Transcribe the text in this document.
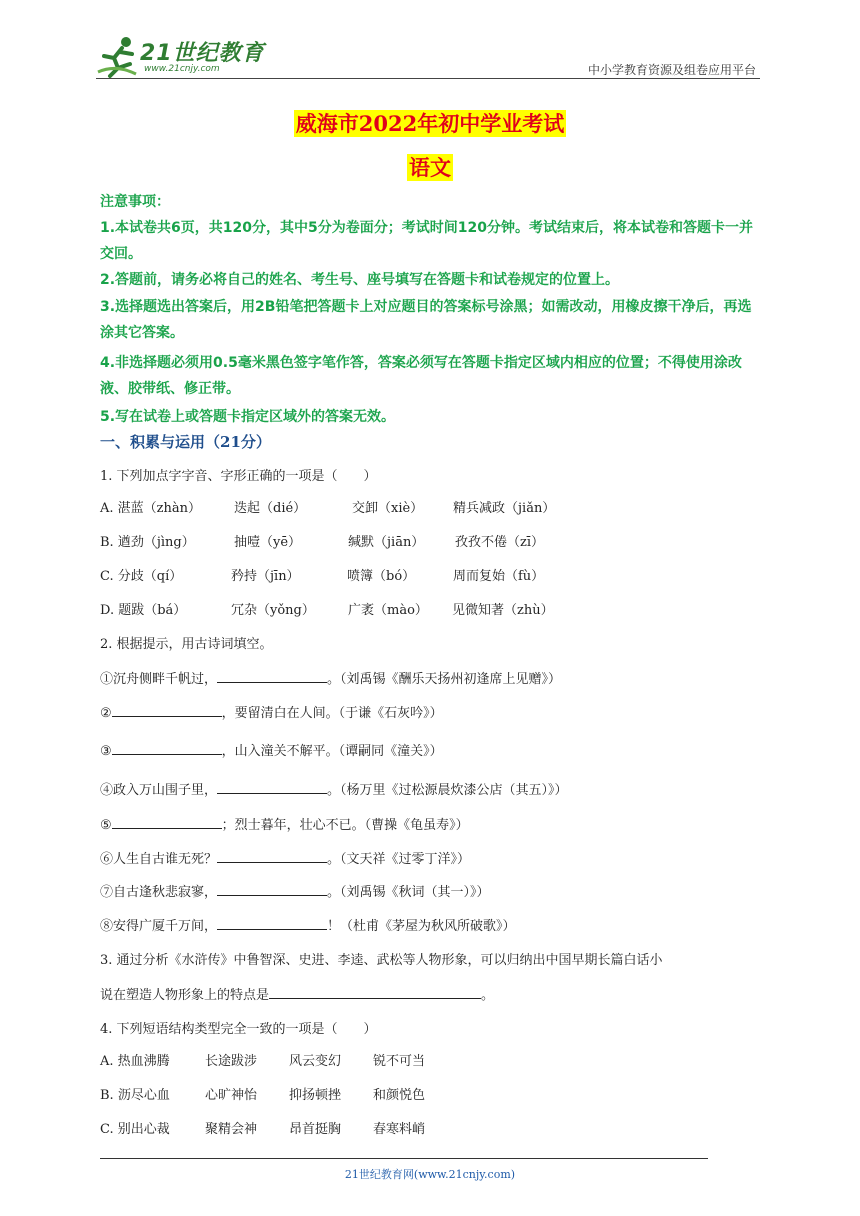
21世纪教育
www.21cnjy.com	中小学教育资源及组卷应用平台
威海市2022年初中学业考试
语文
注意事项：
1.本试卷共6页，共120分，其中5分为卷面分；考试时间120分钟。考试结束后，将本试卷和答题卡一并交回。
2.答题前，请务必将自己的姓名、考生号、座号填写在答题卡和试卷规定的位置上。
3.选择题选出答案后，用2B铅笔把答题卡上对应题目的答案标号涂黑；如需改动，用橡皮擦干净后，再选涂其它答案。
4.非选择题必须用0.5毫米黑色签字笔作答，答案必须写在答题卡指定区域内相应的位置；不得使用涂改液、胶带纸、修正带。
5.写在试卷上或答题卡指定区域外的答案无效。
一、积累与运用（21分）
1. 下列加点字字音、字形正确的一项是（　　）
A. 湛蓝（zhàn）	迭起（dié）	交卸（xiè） 精兵减政（jiǎn）
B. 遒劲（jìng）	抽噎（yē）	缄默（jiān） 孜孜不倦（zī）
C. 分歧（qí）	矜持（jīn）	喷簿（bó）	周而复始（fù）
D. 题跋（bá）	冗杂（yǒng）	广袤（mào） 见微知著（zhù）
2. 根据提示，用古诗词填空。
①沉舟侧畔千帆过，	。（刘禹锡《酬乐天扬州初逢席上见赠》）
②	，要留清白在人间。（于谦《石灰吟》）
③	，山入潼关不解平。（谭嗣同《潼关》）
④政入万山围子里，	。（杨万里《过松源晨炊漆公店（其五）》）
⑤	；烈士暮年，壮心不已。（曹操《龟虽寿》）
⑥人生自古谁无死？	。（文天祥《过零丁洋》）
⑦自古逢秋悲寂寥，	。（刘禹锡《秋词（其一）》）
⑧安得广厦千万间，	！（杜甫《茅屋为秋风所破歌》）
3. 通过分析《水浒传》中鲁智深、史进、李逵、武松等人物形象，可以归纳出中国早期长篇白话小
说在塑造人物形象上的特点是	。
4. 下列短语结构类型完全一致的一项是（　　）
A. 热血沸腾	长途跋涉 风云变幻 锐不可当
B. 沥尽心血	心旷神怡 抑扬顿挫 和颜悦色
C. 别出心裁	聚精会神 昂首挺胸 春寒料峭
21世纪教育网(www.21cnjy.com)
